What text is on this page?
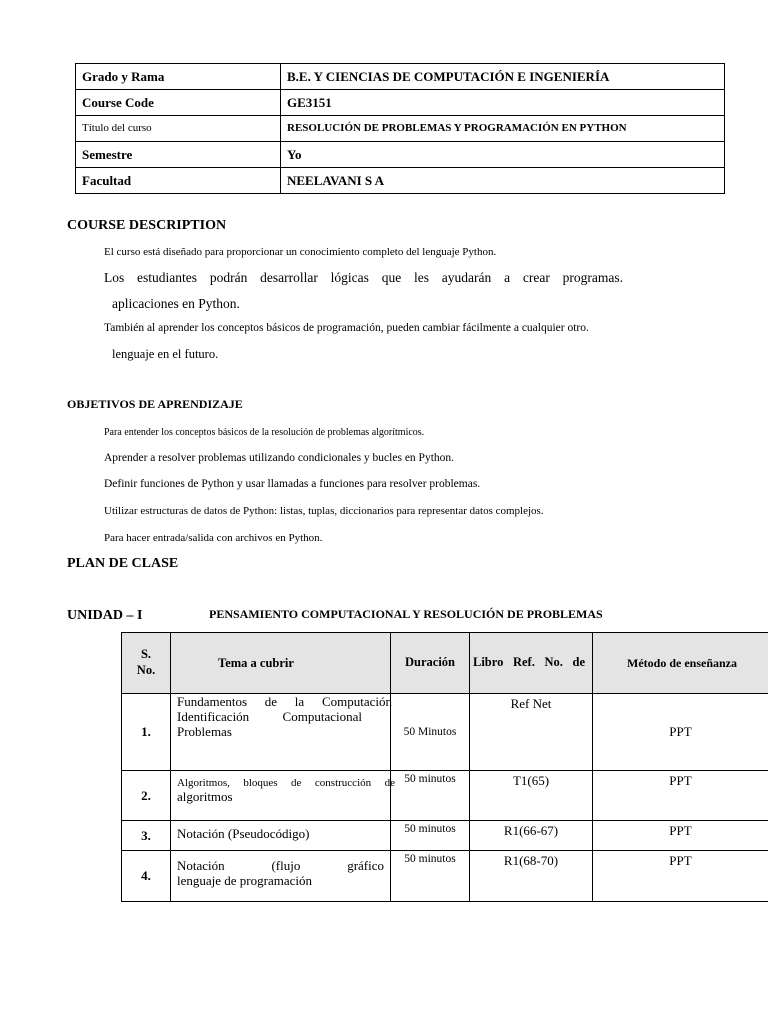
Grado y Rama	B.E. Y CIENCIAS DE COMPUTACIÓN E INGENIERÍA
Course Code	GE3151
Título del curso	RESOLUCIÓN DE PROBLEMAS Y PROGRAMACIÓN EN PYTHON
Semestre	Yo
Facultad	NEELAVANI S A
COURSE DESCRIPTION
El curso está diseñado para proporcionar un conocimiento completo del lenguaje Python.
Los estudiantes podrán desarrollar lógicas que les ayudarán a crear programas.
aplicaciones en Python.
También al aprender los conceptos básicos de programación, pueden cambiar fácilmente a cualquier otro.
lenguaje en el futuro.
OBJETIVOS DE APRENDIZAJE
Para entender los conceptos básicos de la resolución de problemas algorítmicos.
Aprender a resolver problemas utilizando condicionales y bucles en Python.
Definir funciones de Python y usar llamadas a funciones para resolver problemas.
Utilizar estructuras de datos de Python: listas, tuplas, diccionarios para representar datos complejos.
Para hacer entrada/salida con archivos en Python.
PLAN DE CLASE
UNIDAD – I	PENSAMIENTO COMPUTACIONAL Y RESOLUCIÓN DE PROBLEMAS
S.
No.	Tema a cubrir	Duración	Libro Ref. No. de	Método de enseñanza
1.	Fundamentos de la Computación
Identificación Computacional
Problemas	50 Minutos	Ref Net	PPT
2.	Algoritmos, bloques de construcción de
algoritmos	50 minutos	T1(65)	PPT
3.	Notación (Pseudocódigo)	50 minutos	R1(66-67)	PPT
4.	Notación (flujo gráfico
lenguaje de programación	50 minutos	R1(68-70)	PPT
